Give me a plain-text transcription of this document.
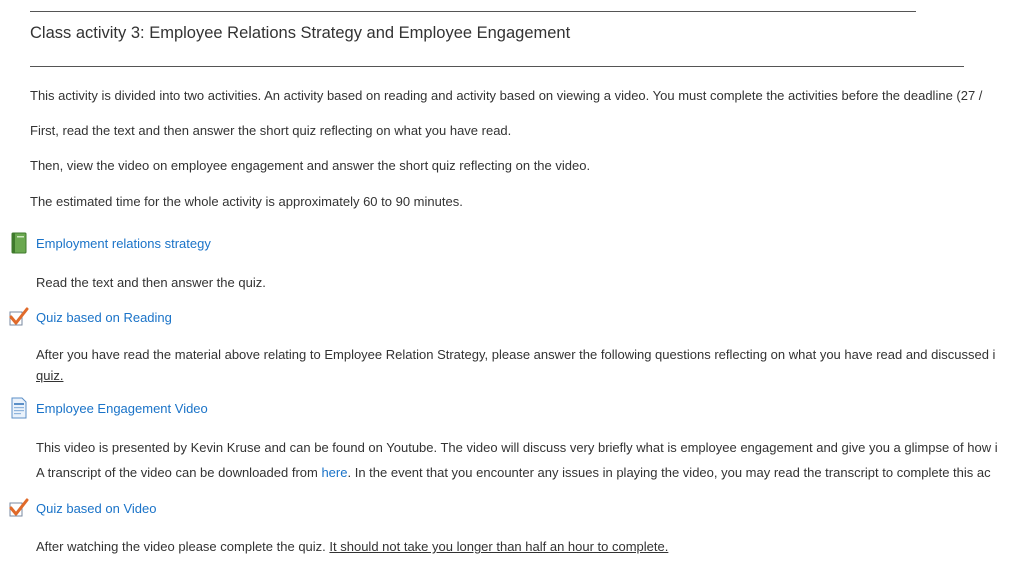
Class activity 3: Employee Relations Strategy and Employee Engagement
This activity is divided into two activities. An activity based on reading and activity based on viewing a video. You must complete the activities before the deadline (27 /
First, read the text and then answer the short quiz reflecting on what you have read.
Then, view the video on employee engagement and answer the short quiz reflecting on the video.
The estimated time for the whole activity is approximately 60 to 90 minutes.
Employment relations strategy
Read the text and then answer the quiz.
Quiz based on Reading
After you have read the material above relating to Employee Relation Strategy, please answer the following questions reflecting on what you have read and discussed i
quiz.
Employee Engagement Video
This video is presented by Kevin Kruse and can be found on Youtube. The video will discuss very briefly what is employee engagement and give you a glimpse of how i
A transcript of the video can be downloaded from here. In the event that you encounter any issues in playing the video, you may read the transcript to complete this ac
Quiz based on Video
After watching the video please complete the quiz. It should not take you longer than half an hour to complete.
